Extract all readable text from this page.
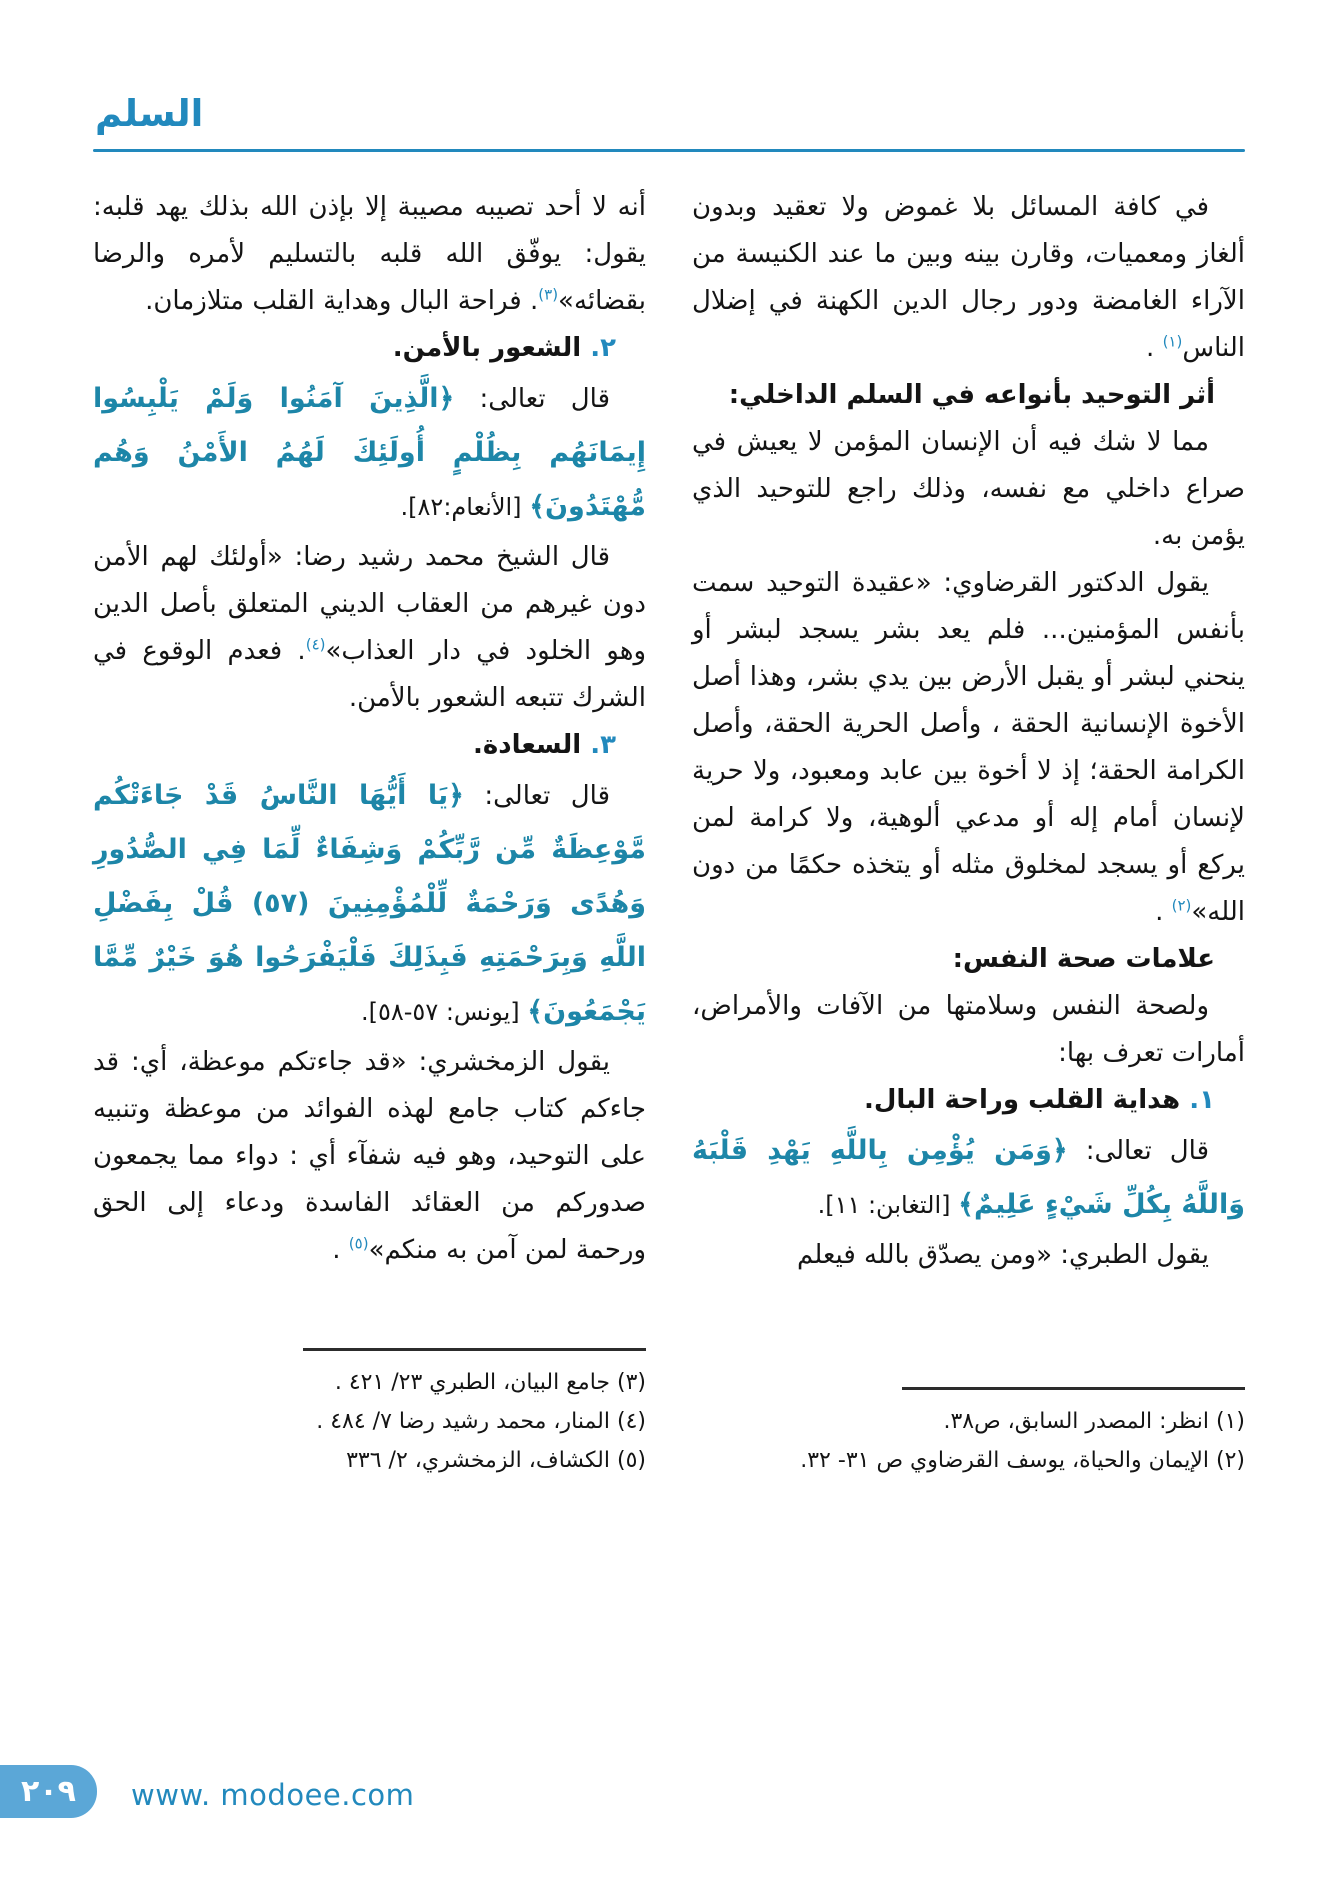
السلم

في كافة المسائل بلا غموض ولا تعقيد وبدون ألغاز ومعميات، وقارن بينه وبين ما عند الكنيسة من الآراء الغامضة ودور رجال الدين الكهنة في إضلال الناس$^{(١)}$ .

أثر التوحيد بأنواعه في السلم الداخلي:

مما لا شك فيه أن الإنسان المؤمن لا يعيش في صراع داخلي مع نفسه، وذلك راجع للتوحيد الذي يؤمن به.

يقول الدكتور القرضاوي: «عقيدة التوحيد سمت بأنفس المؤمنين... فلم يعد بشر يسجد لبشر أو ينحني لبشر أو يقبل الأرض بين يدي بشر، وهذا أصل الأخوة الإنسانية الحقة ، وأصل الحرية الحقة، وأصل الكرامة الحقة؛ إذ لا أخوة بين عابد ومعبود، ولا حرية لإنسان أمام إله أو مدعي ألوهية، ولا كرامة لمن يركع أو يسجد لمخلوق مثله أو يتخذه حكمًا من دون الله»$^{(٢)}$ .

علامات صحة النفس:

ولصحة النفس وسلامتها من الآفات والأمراض، أمارات تعرف بها:

١. هداية القلب وراحة البال.

قال تعالى: ﴿وَمَن يُؤْمِن بِاللَّهِ يَهْدِ قَلْبَهُ وَاللَّهُ بِكُلِّ شَيْءٍ عَلِيمٌ﴾ [التغابن: ١١].

يقول الطبري: «ومن يصدّق بالله فيعلم

(١) انظر: المصدر السابق، ص٣٨.

(٢) الإيمان والحياة، يوسف القرضاوي ص ٣١- ٣٢.

أنه لا أحد تصيبه مصيبة إلا بإذن الله بذلك يهد قلبه: يقول: يوفّق الله قلبه بالتسليم لأمره والرضا بقضائه»$^{(٣)}$. فراحة البال وهداية القلب متلازمان.

٢. الشعور بالأمن.

قال تعالى: ﴿الَّذِينَ آمَنُوا وَلَمْ يَلْبِسُوا إِيمَانَهُم بِظُلْمٍ أُولَئِكَ لَهُمُ الأَمْنُ وَهُم مُّهْتَدُونَ﴾ [الأنعام:٨٢].

قال الشيخ محمد رشيد رضا: «أولئك لهم الأمن دون غيرهم من العقاب الديني المتعلق بأصل الدين وهو الخلود في دار العذاب»$^{(٤)}$. فعدم الوقوع في الشرك تتبعه الشعور بالأمن.

٣. السعادة.

قال تعالى: ﴿يَا أَيُّهَا النَّاسُ قَدْ جَاءَتْكُم مَّوْعِظَةٌ مِّن رَّبِّكُمْ وَشِفَاءٌ لِّمَا فِي الصُّدُورِ وَهُدًى وَرَحْمَةٌ لِّلْمُؤْمِنِينَ (٥٧) قُلْ بِفَضْلِ اللَّهِ وَبِرَحْمَتِهِ فَبِذَلِكَ فَلْيَفْرَحُوا هُوَ خَيْرٌ مِّمَّا يَجْمَعُونَ﴾ [يونس: ٥٧-٥٨].

يقول الزمخشري: «قد جاءتكم موعظة، أي: قد جاءكم كتاب جامع لهذه الفوائد من موعظة وتنبيه على التوحيد، وهو فيه شفآء أي : دواء مما يجمعون صدوركم من العقائد الفاسدة ودعاء إلى الحق ورحمة لمن آمن به منكم»$^{(٥)}$ .

(٣) جامع البيان، الطبري ٢٣/ ٤٢١ .

(٤) المنار، محمد رشيد رضا ٧/ ٤٨٤ .

(٥) الكشاف، الزمخشري، ٢/ ٣٣٦

٢٠٩	www. modoee.com
